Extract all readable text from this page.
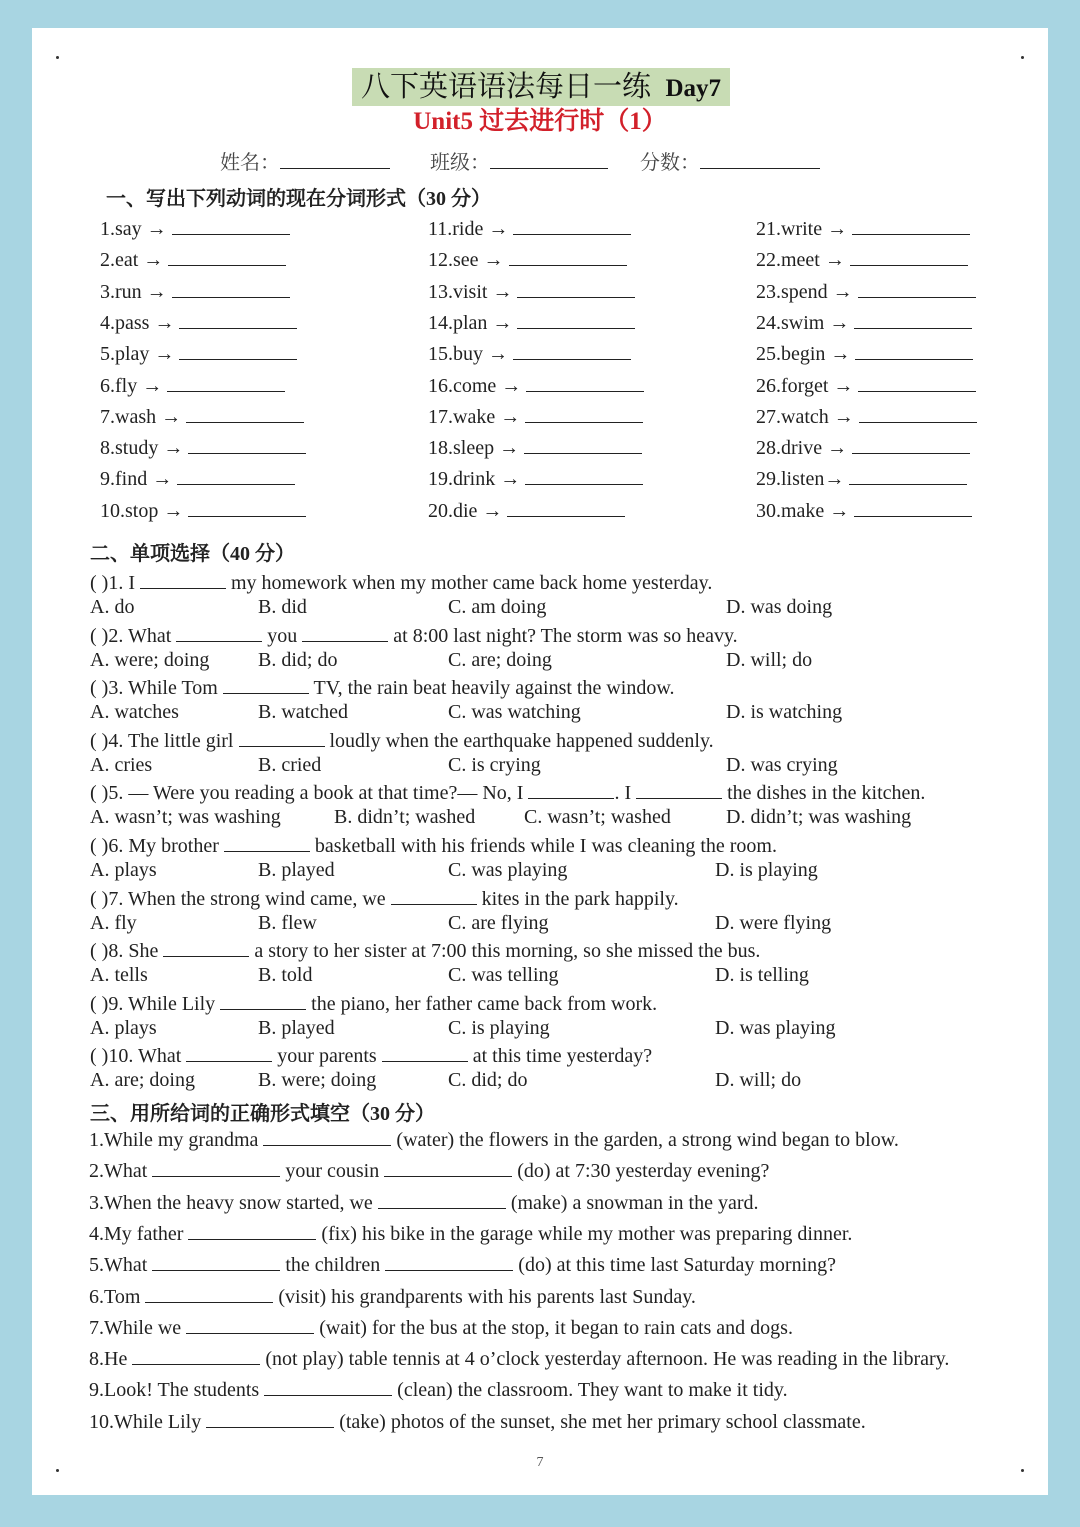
八下英语语法每日一练 Day7
Unit5 过去进行时（1）
姓名：	班级：	分数：
一、写出下列动词的现在分词形式（30 分）
1.say →
2.eat →
3.run →
4.pass →
5.play →
6.fly →
7.wash →
8.study →
9.find →
10.stop →
11.ride →
12.see →
13.visit →
14.plan →
15.buy →
16.come →
17.wake →
18.sleep →
19.drink →
20.die →
21.write →
22.meet →
23.spend →
24.swim →
25.begin →
26.forget →
27.watch →
28.drive →
29.listen→
30.make →
二、单项选择（40 分）
( )1. I	my homework when my mother came back home yesterday.
A. do	B. did	C. am doing	D. was doing
( )2. What	you	at 8:00 last night? The storm was so heavy.
A. were; doing B. did; do	C. are; doing	D. will; do
( )3. While Tom	TV, the rain beat heavily against the window.
A. watches	B. watched	C. was watching	D. is watching
( )4. The little girl	loudly when the earthquake happened suddenly.
A. cries	B. cried	C. is crying	D. was crying
( )5. — Were you reading a book at that time?— No, I	. I	the dishes in the kitchen.
A. wasn’t; was washing	B. didn’t; washed C. wasn’t; washed	D. didn’t; was washing
( )6. My brother	basketball with his friends while I was cleaning the room.
A. plays	B. played	C. was playing	D. is playing
( )7. When the strong wind came, we	kites in the park happily.
A. fly	B. flew	C. are flying	D. were flying
( )8. She	a story to her sister at 7:00 this morning, so she missed the bus.
A. tells	B. told	C. was telling	D. is telling
( )9. While Lily	the piano, her father came back from work.
A. plays	B. played	C. is playing	D. was playing
( )10. What	your parents	at this time yesterday?
A. are; doing	B. were; doing	C. did; do	D. will; do
三、用所给词的正确形式填空（30 分）
1.While my grandma	(water) the flowers in the garden, a strong wind began to blow.
2.What	your cousin	(do) at 7:30 yesterday evening?
3.When the heavy snow started, we	(make) a snowman in the yard.
4.My father	(fix) his bike in the garage while my mother was preparing dinner.
5.What	the children	(do) at this time last Saturday morning?
6.Tom	(visit) his grandparents with his parents last Sunday.
7.While we	(wait) for the bus at the stop, it began to rain cats and dogs.
8.He	(not play) table tennis at 4 o’clock yesterday afternoon. He was reading in the library.
9.Look! The students	(clean) the classroom. They want to make it tidy.
10.While Lily	(take) photos of the sunset, she met her primary school classmate.
7
